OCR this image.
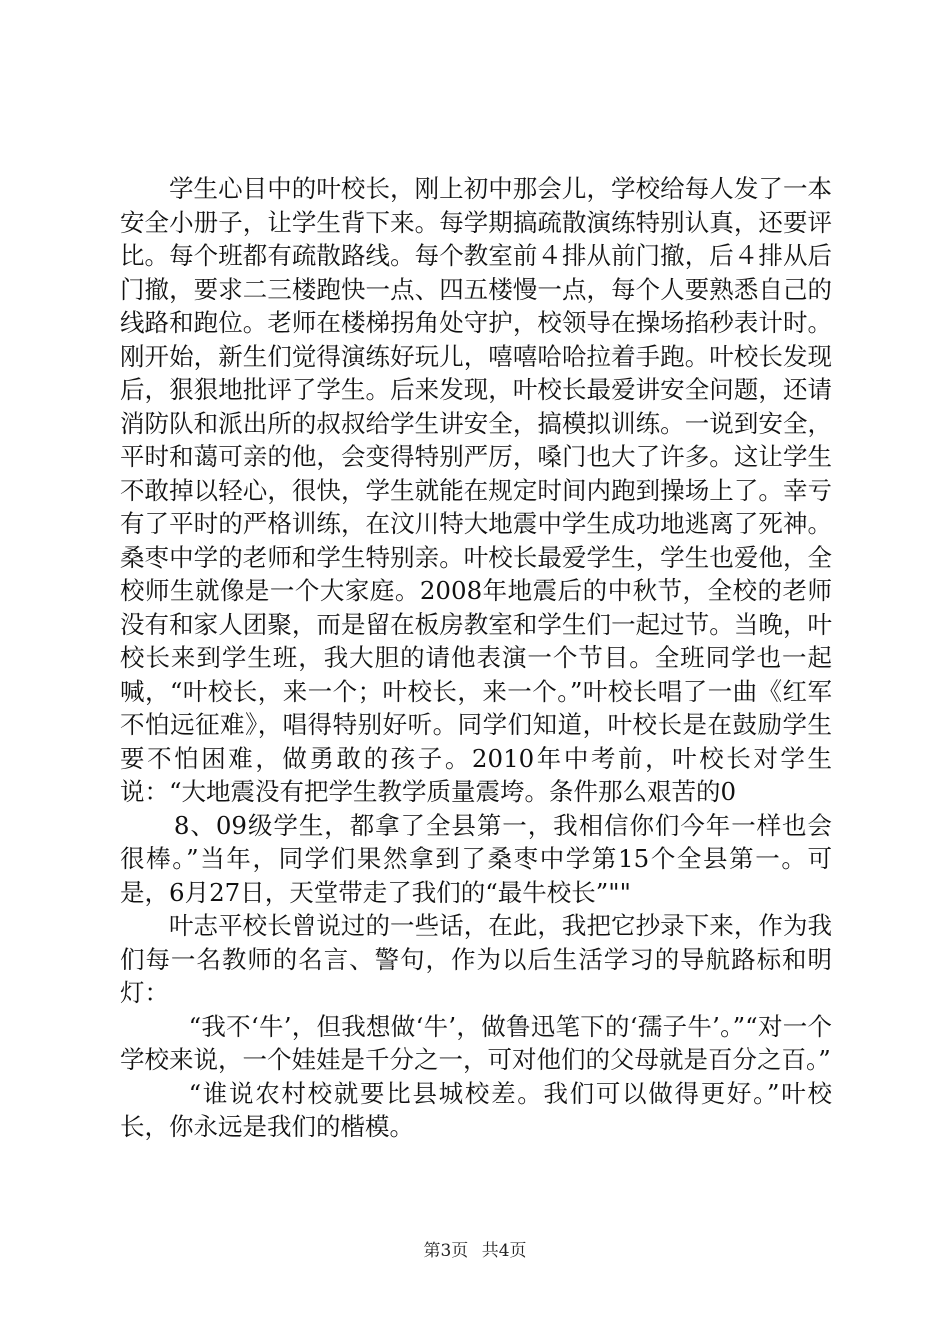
学生心目中的叶校长，刚上初中那会儿，学校给每人发了一本安全小册子，让学生背下来。每学期搞疏散演练特别认真，还要评比。每个班都有疏散路线。每个教室前４排从前门撤，后４排从后门撤，要求二三楼跑快一点、四五楼慢一点，每个人要熟悉自己的线路和跑位。老师在楼梯拐角处守护，校领导在操场掐秒表计时。刚开始，新生们觉得演练好玩儿，嘻嘻哈哈拉着手跑。叶校长发现后，狠狠地批评了学生。后来发现，叶校长最爱讲安全问题，还请消防队和派出所的叔叔给学生讲安全，搞模拟训练。一说到安全，平时和蔼可亲的他，会变得特别严厉，嗓门也大了许多。这让学生不敢掉以轻心，很快，学生就能在规定时间内跑到操场上了。幸亏有了平时的严格训练，在汶川特大地震中学生成功地逃离了死神。桑枣中学的老师和学生特别亲。叶校长最爱学生，学生也爱他，全校师生就像是一个大家庭。2008年地震后的中秋节，全校的老师没有和家人团聚，而是留在板房教室和学生们一起过节。当晚，叶校长来到学生班，我大胆的请他表演一个节目。全班同学也一起喊，“叶校长，来一个；叶校长，来一个。”叶校长唱了一曲《红军不怕远征难》，唱得特别好听。同学们知道，叶校长是在鼓励学生要不怕困难，做勇敢的孩子。2010年中考前，叶校长对学生说：“大地震没有把学生教学质量震垮。条件那么艰苦的0

8、09级学生，都拿了全县第一，我相信你们今年一样也会很棒。”当年，同学们果然拿到了桑枣中学第15个全县第一。可是，6月27日，天堂带走了我们的“最牛校长”""

叶志平校长曾说过的一些话，在此，我把它抄录下来，作为我们每一名教师的名言、警句，作为以后生活学习的导航路标和明灯：

“我不‘牛’，但我想做‘牛’，做鲁迅笔下的‘孺子牛’。”“对一个学校来说，一个娃娃是千分之一，可对他们的父母就是百分之百。”

“谁说农村校就要比县城校差。我们可以做得更好。”叶校长，你永远是我们的楷模。

第3页 共4页
